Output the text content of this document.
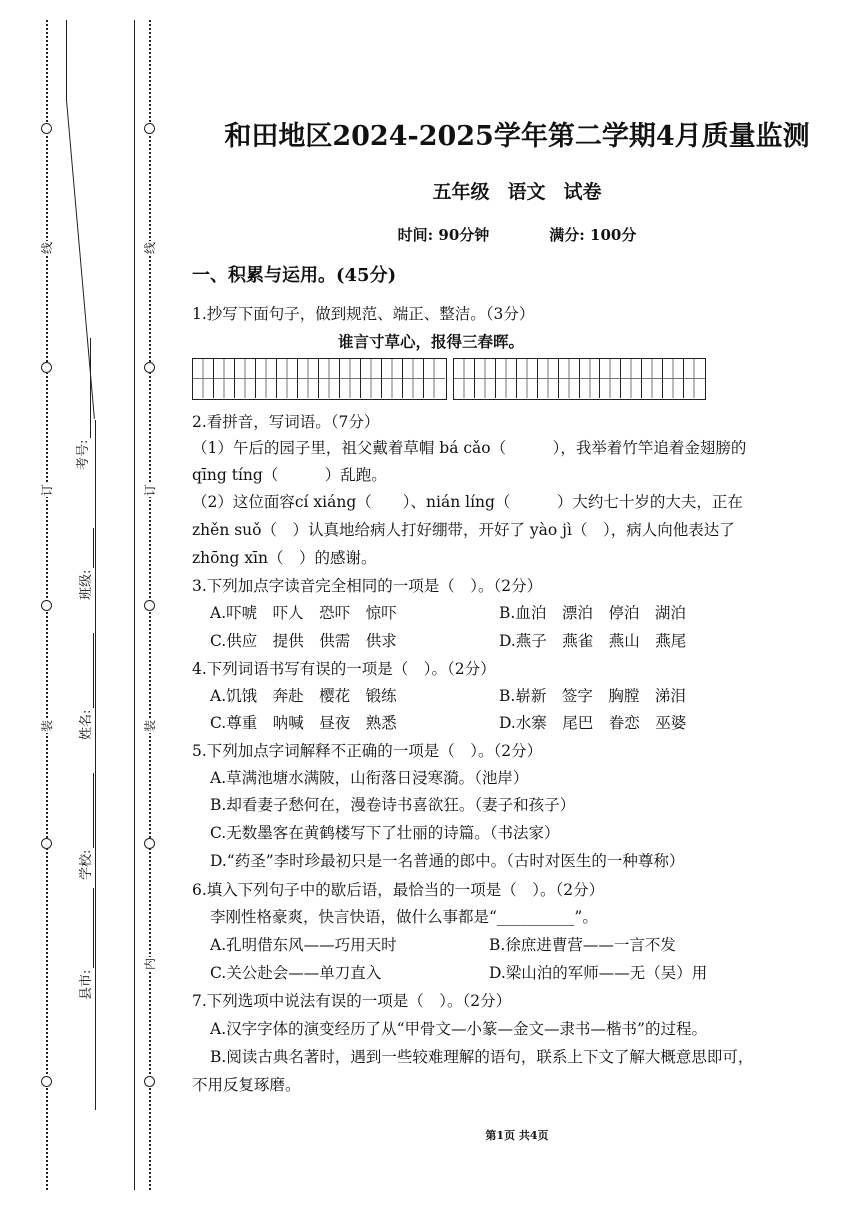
线
订
装
线
订
装
内
考号:
班级:
姓名:
学校:
县市:
和田地区2024-2025学年第二学期4月质量监测
五年级 语文 试卷
时间: 90分钟	满分: 100分
一、积累与运用。(45分)
1.抄写下面句子，做到规范、端正、整洁。（3分）
谁言寸草心，报得三春晖。
2.看拼音，写词语。（7分）
（1）午后的园子里，祖父戴着草帽 bá cǎo（　　　），我举着竹竿追着金翅膀的
qīng tíng（　　　）乱跑。
（2）这位面容cí xiáng（　　）、nián líng（　　　）大约七十岁的大夫，正在
zhěn suǒ（　）认真地给病人打好绷带，开好了 yào jì（　），病人向他表达了
zhōng xīn（　）的感谢。
3.下列加点字读音完全相同的一项是（　）。（2分）
A.吓唬　吓人　恐吓　惊吓	B.血泊　漂泊　停泊　湖泊
C.供应　提供　供需　供求	D.燕子　燕雀　燕山　燕尾
4.下列词语书写有误的一项是（　）。（2分）
A.饥饿　奔赴　樱花　锻练	B.崭新　签字　胸膛　涕泪
C.尊重　呐喊　昼夜　熟悉	D.水寨　尾巴　眷恋　巫婆
5.下列加点字词解释不正确的一项是（　）。（2分）
A.草满池塘水满陂，山衔落日浸寒漪。（池岸）
B.却看妻子愁何在，漫卷诗书喜欲狂。（妻子和孩子）
C.无数墨客在黄鹤楼写下了壮丽的诗篇。（书法家）
D.“药圣”李时珍最初只是一名普通的郎中。（古时对医生的一种尊称）
6.填入下列句子中的歇后语，最恰当的一项是（　）。（2分）
李刚性格豪爽，快言快语，做什么事都是“__________”。
A.孔明借东风——巧用天时	B.徐庶进曹营——一言不发
C.关公赴会——单刀直入	D.梁山泊的军师——无（吴）用
7.下列选项中说法有误的一项是（　）。（2分）
A.汉字字体的演变经历了从“甲骨文—小篆—金文—隶书—楷书”的过程。
B.阅读古典名著时，遇到一些较难理解的语句，联系上下文了解大概意思即可，
不用反复琢磨。
第1页 共4页
